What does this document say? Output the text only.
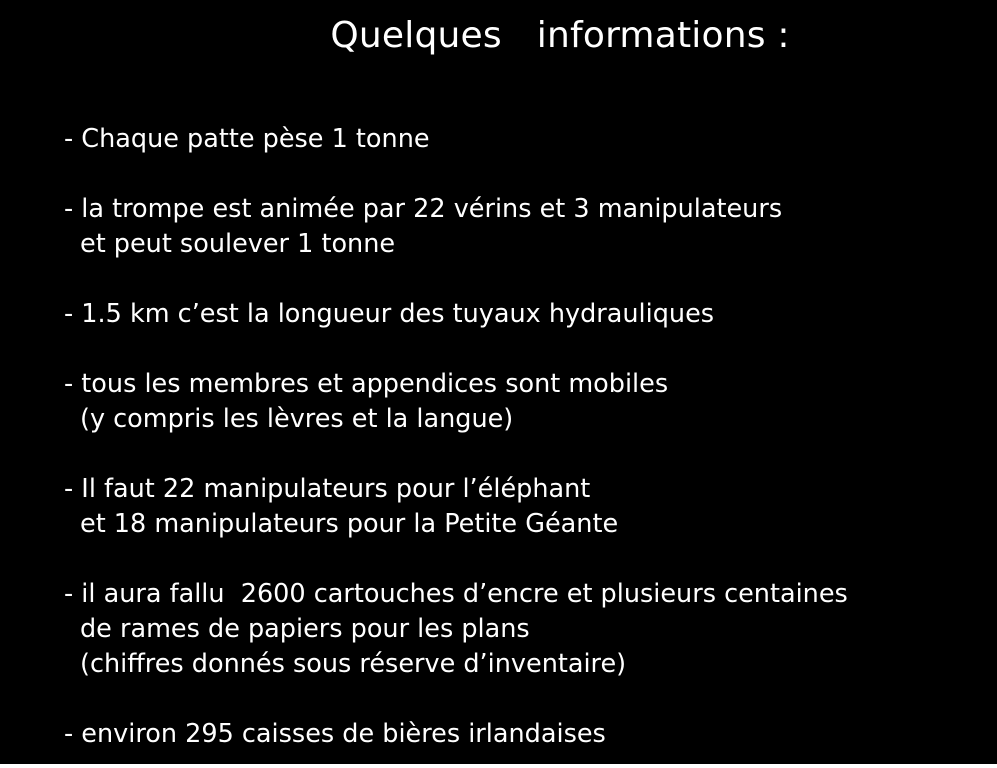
Quelques   informations :

- Chaque patte pèse 1 tonne

- la trompe est animée par 22 vérins et 3 manipulateurs

et peut soulever 1 tonne

- 1.5 km c’est la longueur des tuyaux hydrauliques

- tous les membres et appendices sont mobiles

(y compris les lèvres et la langue)

- Il faut 22 manipulateurs pour l’éléphant

et 18 manipulateurs pour la Petite Géante

- il aura fallu  2600 cartouches d’encre et plusieurs centaines

de rames de papiers pour les plans

(chiffres donnés sous réserve d’inventaire)

- environ 295 caisses de bières irlandaises
